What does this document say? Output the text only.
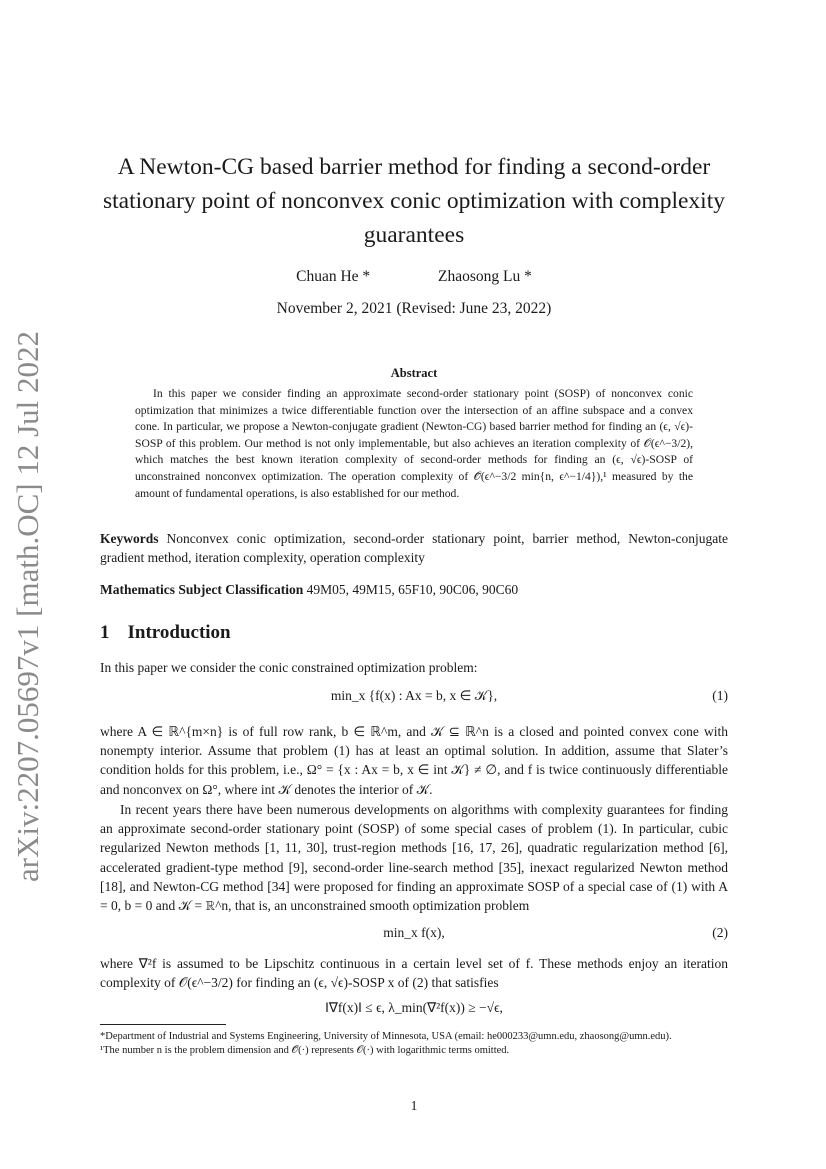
arXiv:2207.05697v1 [math.OC] 12 Jul 2022
A Newton-CG based barrier method for finding a second-order stationary point of nonconvex conic optimization with complexity guarantees
Chuan He *	Zhaosong Lu *
November 2, 2021 (Revised: June 23, 2022)
Abstract
In this paper we consider finding an approximate second-order stationary point (SOSP) of nonconvex conic optimization that minimizes a twice differentiable function over the intersection of an affine subspace and a convex cone. In particular, we propose a Newton-conjugate gradient (Newton-CG) based barrier method for finding an (ϵ, √ϵ)-SOSP of this problem. Our method is not only implementable, but also achieves an iteration complexity of 𝒪(ϵ^−3/2), which matches the best known iteration complexity of second-order methods for finding an (ϵ, √ϵ)-SOSP of unconstrained nonconvex optimization. The operation complexity of 𝒪̃(ϵ^−3/2 min{n, ϵ^−1/4}),¹ measured by the amount of fundamental operations, is also established for our method.
Keywords Nonconvex conic optimization, second-order stationary point, barrier method, Newton-conjugate gradient method, iteration complexity, operation complexity
Mathematics Subject Classification 49M05, 49M15, 65F10, 90C06, 90C60
1 Introduction
In this paper we consider the conic constrained optimization problem:
min_x {f(x) : Ax = b, x ∈ 𝒦},	(1)
where A ∈ ℝ^{m×n} is of full row rank, b ∈ ℝ^m, and 𝒦 ⊆ ℝ^n is a closed and pointed convex cone with nonempty interior. Assume that problem (1) has at least an optimal solution. In addition, assume that Slater’s condition holds for this problem, i.e., Ω° = {x : Ax = b, x ∈ int 𝒦} ≠ ∅, and f is twice continuously differentiable and nonconvex on Ω°, where int 𝒦 denotes the interior of 𝒦.
In recent years there have been numerous developments on algorithms with complexity guarantees for finding an approximate second-order stationary point (SOSP) of some special cases of problem (1). In particular, cubic regularized Newton methods [1, 11, 30], trust-region methods [16, 17, 26], quadratic regularization method [6], accelerated gradient-type method [9], second-order line-search method [35], inexact regularized Newton method [18], and Newton-CG method [34] were proposed for finding an approximate SOSP of a special case of (1) with A = 0, b = 0 and 𝒦 = ℝ^n, that is, an unconstrained smooth optimization problem
min_x f(x),	(2)
where ∇²f is assumed to be Lipschitz continuous in a certain level set of f. These methods enjoy an iteration complexity of 𝒪(ϵ^−3/2) for finding an (ϵ, √ϵ)-SOSP x of (2) that satisfies
‖∇f(x)‖ ≤ ϵ, λ_min(∇²f(x)) ≥ −√ϵ,
*Department of Industrial and Systems Engineering, University of Minnesota, USA (email: he000233@umn.edu, zhaosong@umn.edu).
¹The number n is the problem dimension and 𝒪̃(·) represents 𝒪(·) with logarithmic terms omitted.
1
